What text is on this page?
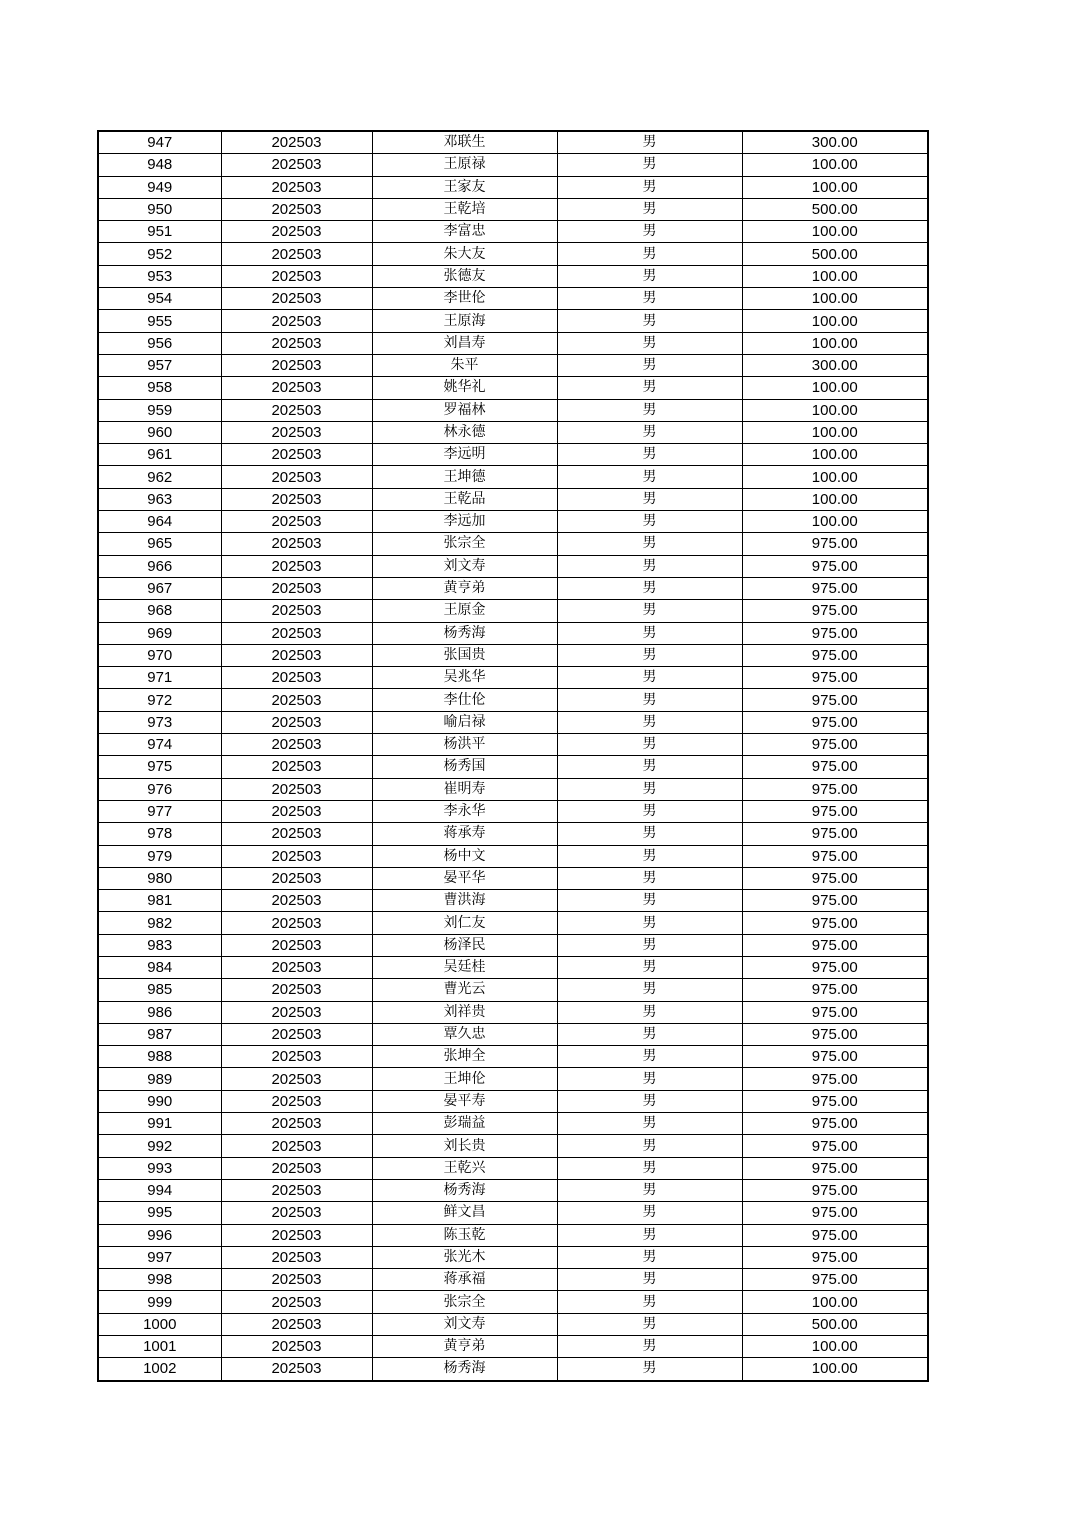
947	202503	邓联生	男	300.00
948	202503	王原禄	男	100.00
949	202503	王家友	男	100.00
950	202503	王乾培	男	500.00
951	202503	李富忠	男	100.00
952	202503	朱大友	男	500.00
953	202503	张德友	男	100.00
954	202503	李世伦	男	100.00
955	202503	王原海	男	100.00
956	202503	刘昌寿	男	100.00
957	202503	朱平	男	300.00
958	202503	姚华礼	男	100.00
959	202503	罗福林	男	100.00
960	202503	林永德	男	100.00
961	202503	李远明	男	100.00
962	202503	王坤德	男	100.00
963	202503	王乾品	男	100.00
964	202503	李远加	男	100.00
965	202503	张宗全	男	975.00
966	202503	刘文寿	男	975.00
967	202503	黄亨弟	男	975.00
968	202503	王原金	男	975.00
969	202503	杨秀海	男	975.00
970	202503	张国贵	男	975.00
971	202503	吴兆华	男	975.00
972	202503	李仕伦	男	975.00
973	202503	喻启禄	男	975.00
974	202503	杨洪平	男	975.00
975	202503	杨秀国	男	975.00
976	202503	崔明寿	男	975.00
977	202503	李永华	男	975.00
978	202503	蒋承寿	男	975.00
979	202503	杨中文	男	975.00
980	202503	晏平华	男	975.00
981	202503	曹洪海	男	975.00
982	202503	刘仁友	男	975.00
983	202503	杨泽民	男	975.00
984	202503	吴廷桂	男	975.00
985	202503	曹光云	男	975.00
986	202503	刘祥贵	男	975.00
987	202503	覃久忠	男	975.00
988	202503	张坤全	男	975.00
989	202503	王坤伦	男	975.00
990	202503	晏平寿	男	975.00
991	202503	彭瑞益	男	975.00
992	202503	刘长贵	男	975.00
993	202503	王乾兴	男	975.00
994	202503	杨秀海	男	975.00
995	202503	鲜文昌	男	975.00
996	202503	陈玉乾	男	975.00
997	202503	张光木	男	975.00
998	202503	蒋承福	男	975.00
999	202503	张宗全	男	100.00
1000	202503	刘文寿	男	500.00
1001	202503	黄亨弟	男	100.00
1002	202503	杨秀海	男	100.00
